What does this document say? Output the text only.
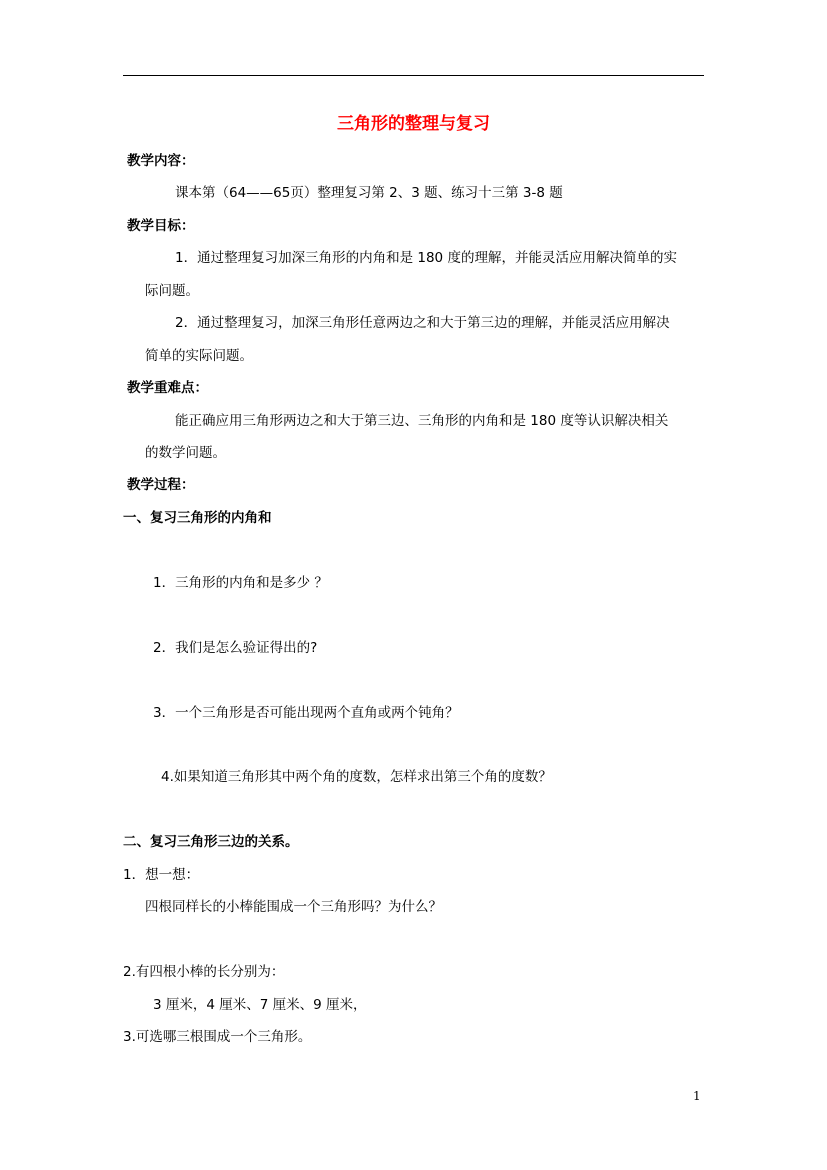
三角形的整理与复习
教学内容：
课本第（64——65页）整理复习第 2、3 题、练习十三第 3-8 题
教学目标：
1．通过整理复习加深三角形的内角和是 180 度的理解，并能灵活应用解决简单的实
际问题。
2．通过整理复习，加深三角形任意两边之和大于第三边的理解，并能灵活应用解决
简单的实际问题。
教学重难点：
能正确应用三角形两边之和大于第三边、三角形的内角和是 180 度等认识解决相关
的数学问题。
教学过程：
一、复习三角形的内角和
1．三角形的内角和是多少 ？
2．我们是怎么验证得出的?
3．一个三角形是否可能出现两个直角或两个钝角？
4.如果知道三角形其中两个角的度数，怎样求出第三个角的度数？
二、复习三角形三边的关系。
1．想一想：
四根同样长的小棒能围成一个三角形吗？为什么？
2.有四根小棒的长分别为：
3 厘米，4 厘米、7 厘米、9 厘米，
3.可选哪三根围成一个三角形。
1
